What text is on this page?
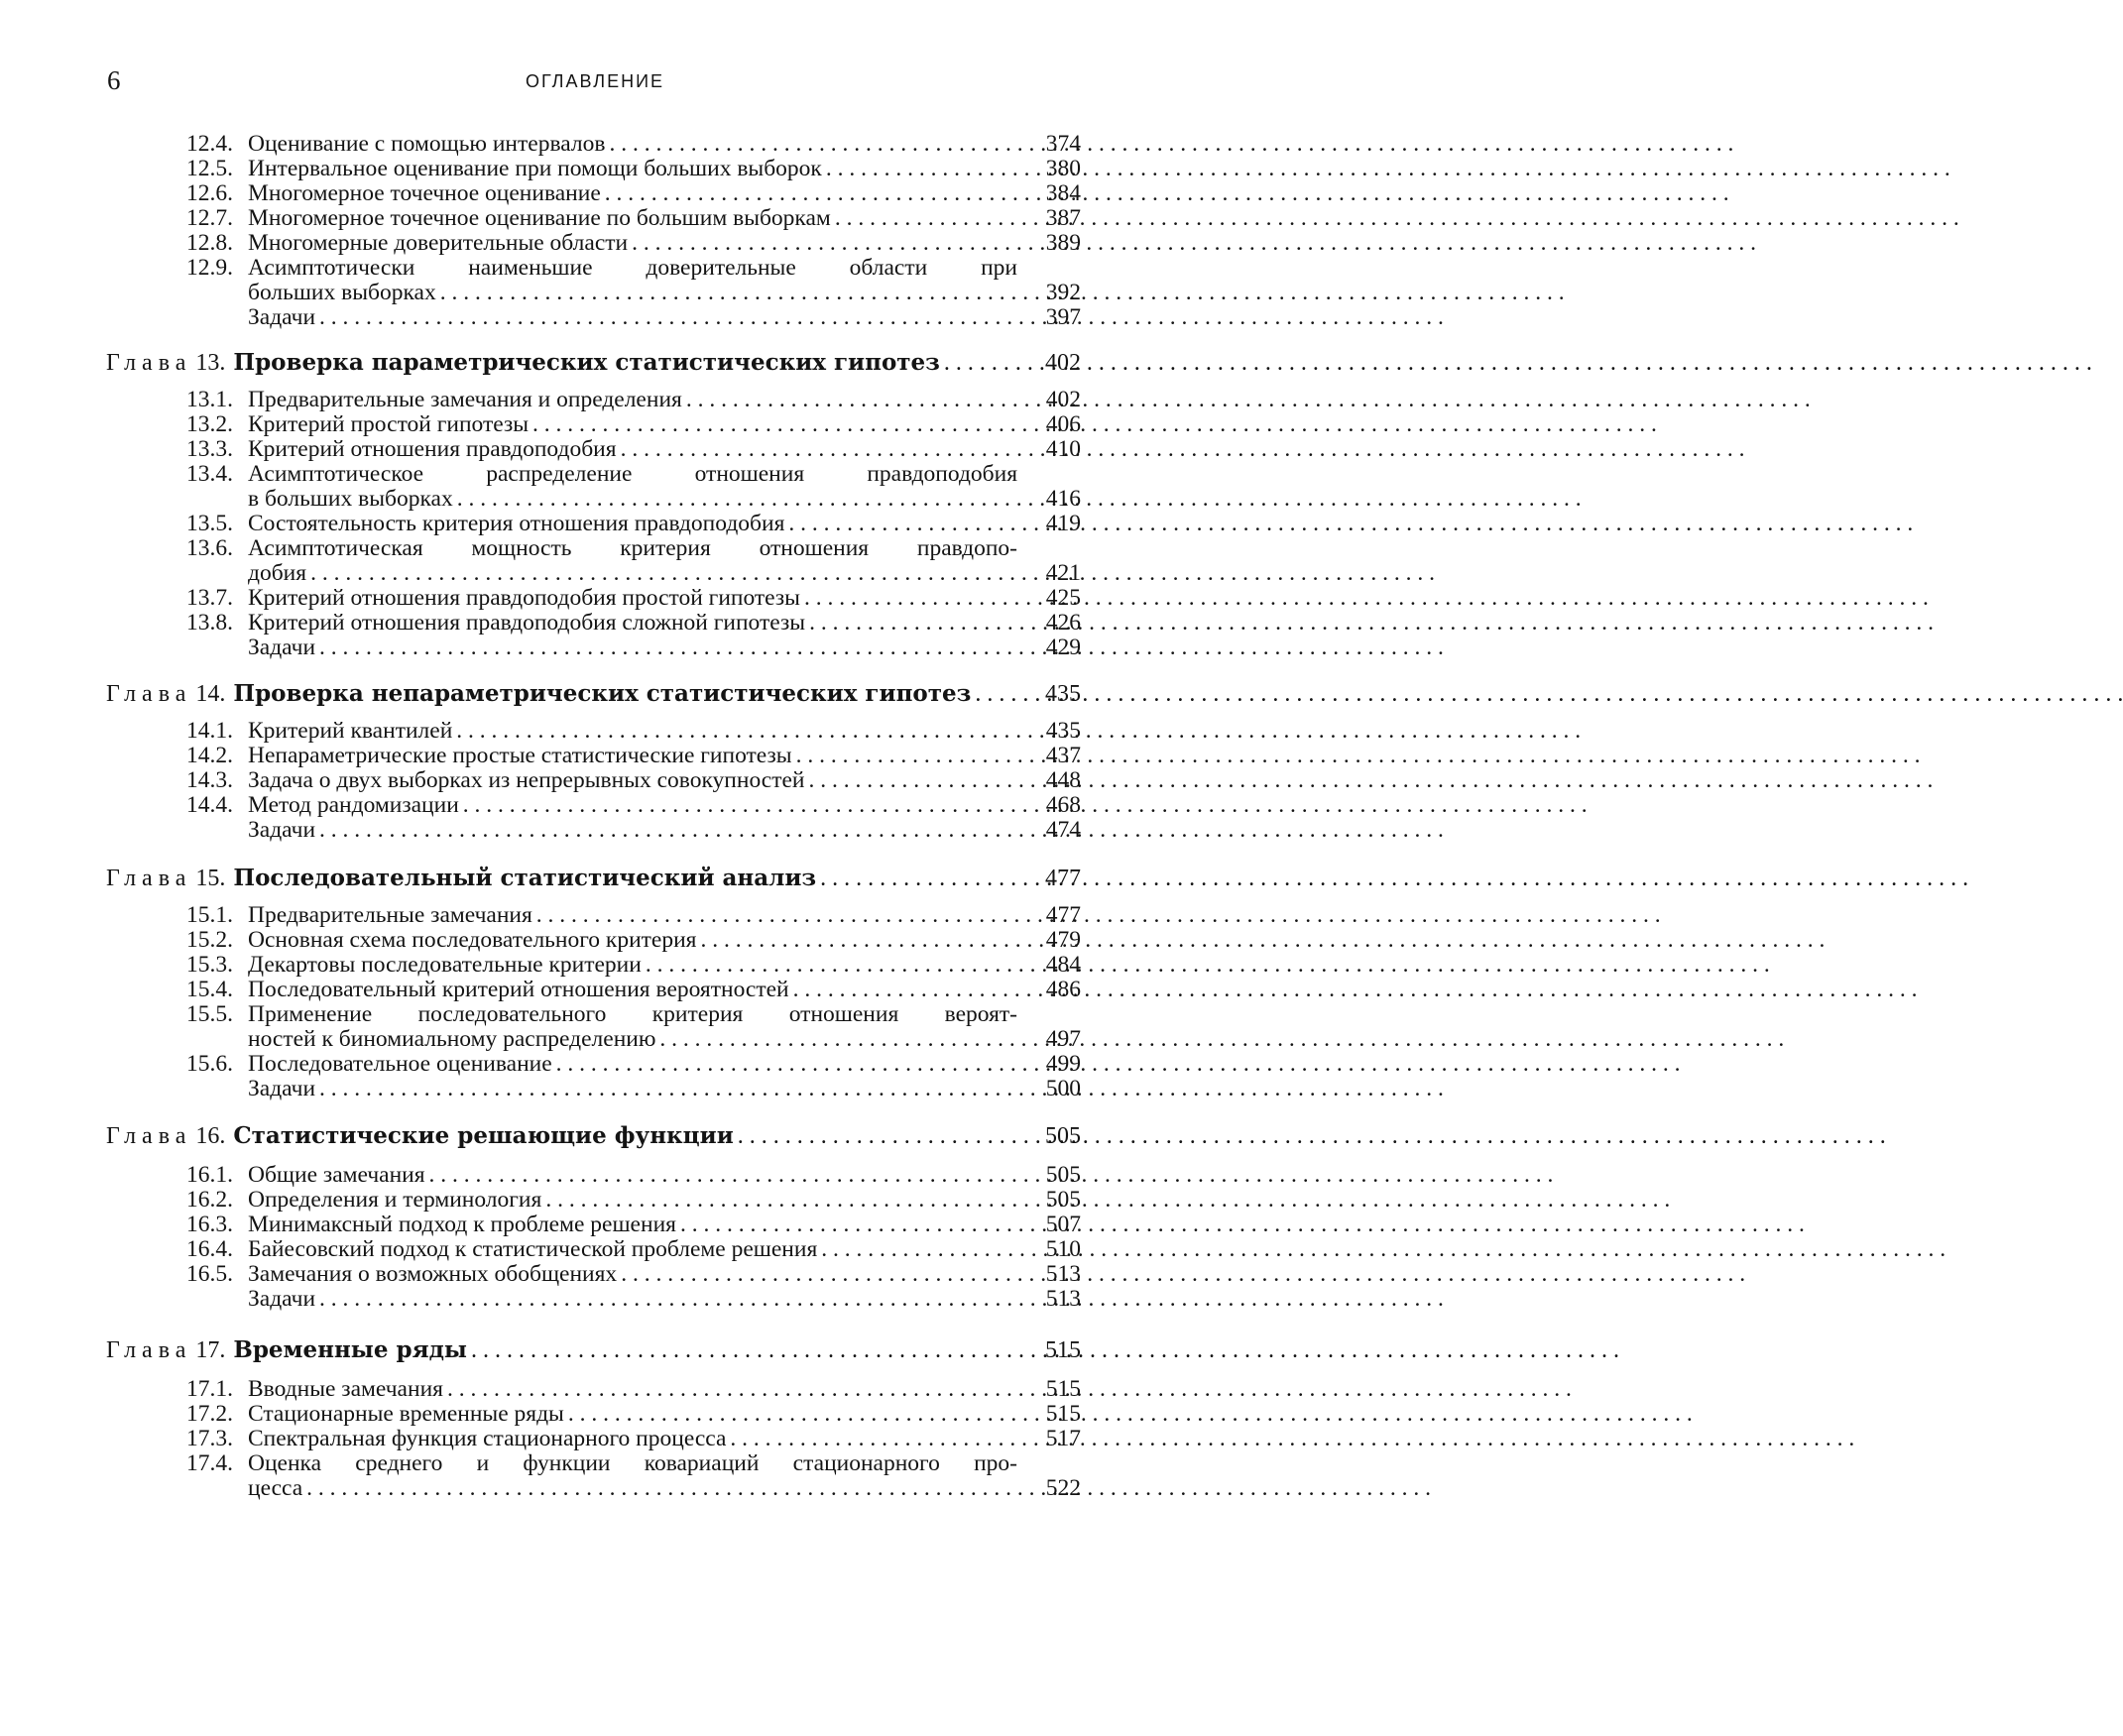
6	ОГЛАВЛЕНИЕ
12.4. Оценивание с помощью интервалов . . .	374
12.5. Интервальное оценивание при помощи больших выборок . . .	380
12.6. Многомерное точечное оценивание . . .	384
12.7. Многомерное точечное оценивание по большим выборкам . . .	387
12.8. Многомерные доверительные области . . .	389
12.9. Асимптотически наименьшие доверительные области при
больших выборках . . .	392
Задачи . . .	397
Глава 13. Проверка параметрических статистических гипотез . . .	402
13.1. Предварительные замечания и определения . . .	402
13.2. Критерий простой гипотезы . . .	406
13.3. Критерий отношения правдоподобия . . .	410
13.4. Асимптотическое распределение отношения правдоподобия
в больших выборках . . .	416
13.5. Состоятельность критерия отношения правдоподобия . . .	419
13.6. Асимптотическая мощность критерия отношения правдопо-
добия . . .	421
13.7. Критерий отношения правдоподобия простой гипотезы . . .	425
13.8. Критерий отношения правдоподобия сложной гипотезы . . .	426
Задачи . . .	429
Глава 14. Проверка непараметрических статистических гипотез . . .	435
14.1. Критерий квантилей . . .	435
14.2. Непараметрические простые статистические гипотезы . . .	437
14.3. Задача о двух выборках из непрерывных совокупностей . . .	448
14.4. Метод рандомизации . . .	468
Задачи . . .	474
Глава 15. Последовательный статистический анализ . . .	477
15.1. Предварительные замечания . . .	477
15.2. Основная схема последовательного критерия . . .	479
15.3. Декартовы последовательные критерии . . .	484
15.4. Последовательный критерий отношения вероятностей . . .	486
15.5. Применение последовательного критерия отношения вероят-
ностей к биномиальному распределению . . .	497
15.6. Последовательное оценивание . . .	499
Задачи . . .	500
Глава 16. Статистические решающие функции . . .	505
16.1. Общие замечания . . .	505
16.2. Определения и терминология . . .	505
16.3. Минимаксный подход к проблеме решения . . .	507
16.4. Байесовский подход к статистической проблеме решения . . .	510
16.5. Замечания о возможных обобщениях . . .	513
Задачи . . .	513
Глава 17. Временные ряды . . .	515
17.1. Вводные замечания . . .	515
17.2. Стационарные временные ряды . . .	515
17.3. Спектральная функция стационарного процесса . . .	517
17.4. Оценка среднего и функции ковариаций стационарного про-
цесса . . .	522
